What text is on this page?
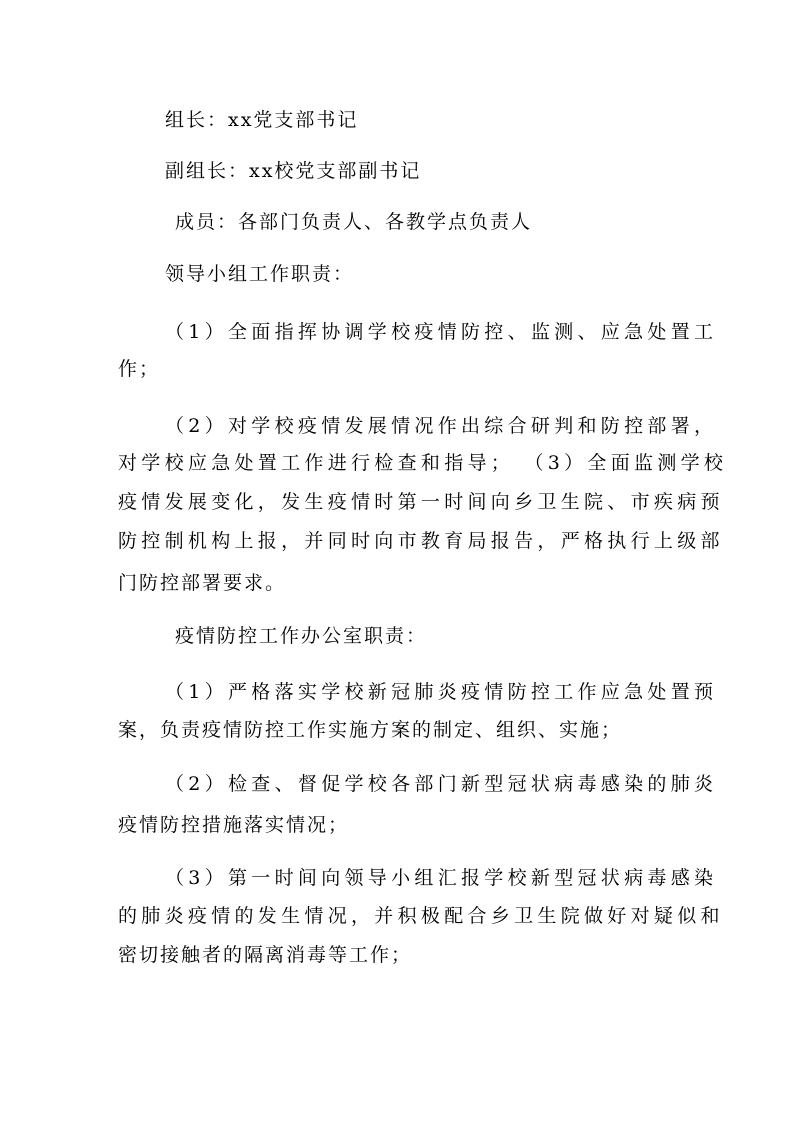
组长：xx党支部书记
副组长：xx校党支部副书记
成员：各部门负责人、各教学点负责人
领导小组工作职责：
（1）全面指挥协调学校疫情防控、监测、应急处置工
作；
（2）对学校疫情发展情况作出综合研判和防控部署，
对学校应急处置工作进行检查和指导； （3）全面监测学校
疫情发展变化，发生疫情时第一时间向乡卫生院、市疾病预
防控制机构上报，并同时向市教育局报告，严格执行上级部
门防控部署要求。
疫情防控工作办公室职责：
（1）严格落实学校新冠肺炎疫情防控工作应急处置预
案，负责疫情防控工作实施方案的制定、组织、实施；
（2）检查、督促学校各部门新型冠状病毒感染的肺炎
疫情防控措施落实情况；
（3）第一时间向领导小组汇报学校新型冠状病毒感染
的肺炎疫情的发生情况，并积极配合乡卫生院做好对疑似和
密切接触者的隔离消毒等工作；
